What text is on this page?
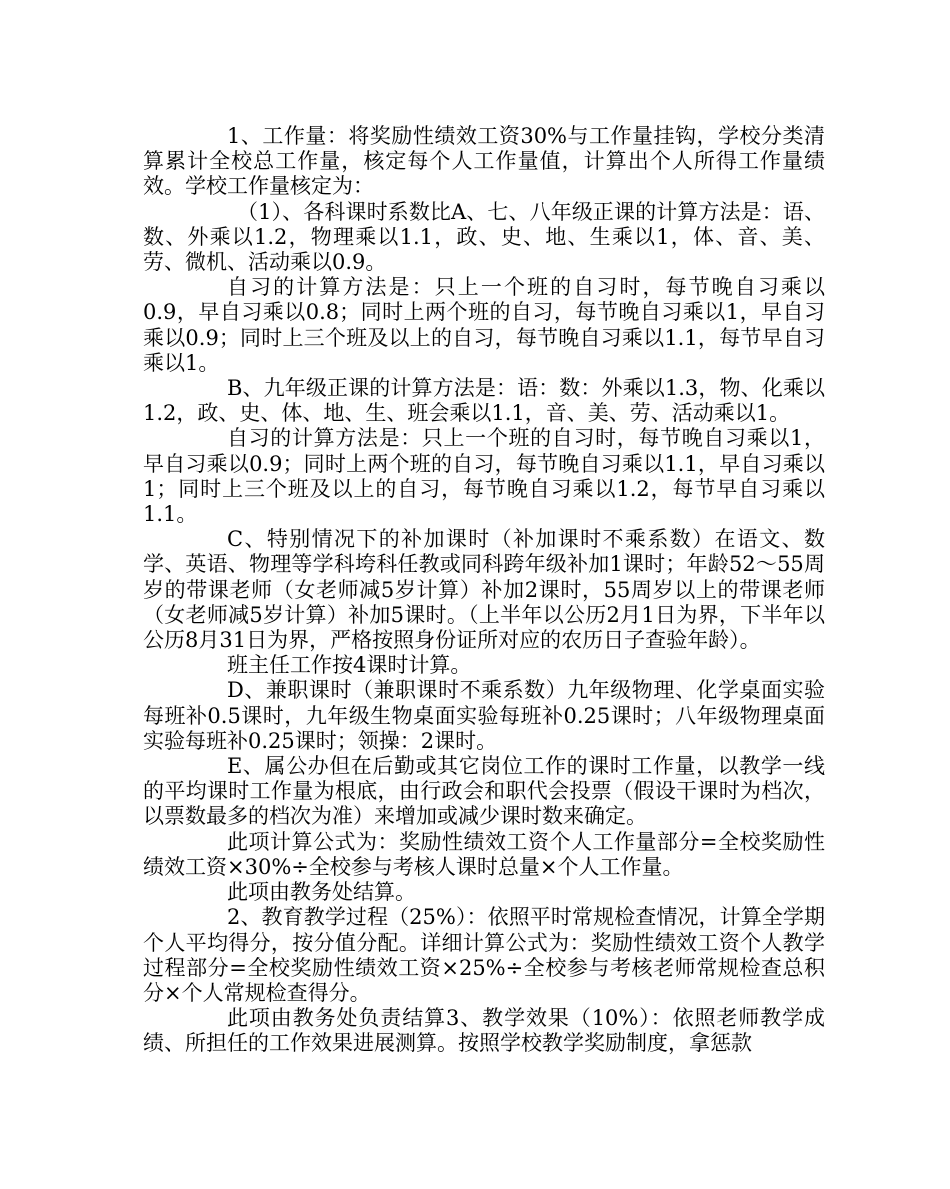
1、工作量：将奖励性绩效工资30%与工作量挂钩，学校分类清算累计全校总工作量，核定每个人工作量值，计算出个人所得工作量绩效。学校工作量核定为：

（1）、各科课时系数比A、七、八年级正课的计算方法是：语、数、外乘以1.2，物理乘以1.1，政、史、地、生乘以1，体、音、美、劳、微机、活动乘以0.9。

自习的计算方法是：只上一个班的自习时，每节晚自习乘以0.9，早自习乘以0.8；同时上两个班的自习，每节晚自习乘以1，早自习乘以0.9；同时上三个班及以上的自习，每节晚自习乘以1.1，每节早自习乘以1。

B、九年级正课的计算方法是：语：数：外乘以1.3，物、化乘以1.2，政、史、体、地、生、班会乘以1.1，音、美、劳、活动乘以1。

自习的计算方法是：只上一个班的自习时，每节晚自习乘以1，早自习乘以0.9；同时上两个班的自习，每节晚自习乘以1.1，早自习乘以1；同时上三个班及以上的自习，每节晚自习乘以1.2，每节早自习乘以1.1。

C、特别情况下的补加课时（补加课时不乘系数）在语文、数学、英语、物理等学科垮科任教或同科跨年级补加1课时；年龄52～55周岁的带课老师（女老师减5岁计算）补加2课时，55周岁以上的带课老师（女老师减5岁计算）补加5课时。（上半年以公历2月1日为界，下半年以公历8月31日为界，严格按照身份证所对应的农历日子查验年龄）。

班主任工作按4课时计算。

D、兼职课时（兼职课时不乘系数）九年级物理、化学桌面实验每班补0.5课时，九年级生物桌面实验每班补0.25课时；八年级物理桌面实验每班补0.25课时；领操：2课时。

E、属公办但在后勤或其它岗位工作的课时工作量，以教学一线的平均课时工作量为根底，由行政会和职代会投票（假设干课时为档次，以票数最多的档次为准）来增加或减少课时数来确定。

此项计算公式为：奖励性绩效工资个人工作量部分=全校奖励性绩效工资×30%÷全校参与考核人课时总量×个人工作量。

此项由教务处结算。

2、教育教学过程（25%）：依照平时常规检查情况，计算全学期个人平均得分，按分值分配。详细计算公式为：奖励性绩效工资个人教学过程部分=全校奖励性绩效工资×25%÷全校参与考核老师常规检查总积分×个人常规检查得分。

此项由教务处负责结算3、教学效果（10%）：依照老师教学成绩、所担任的工作效果进展测算。按照学校教学奖励制度，拿惩款
